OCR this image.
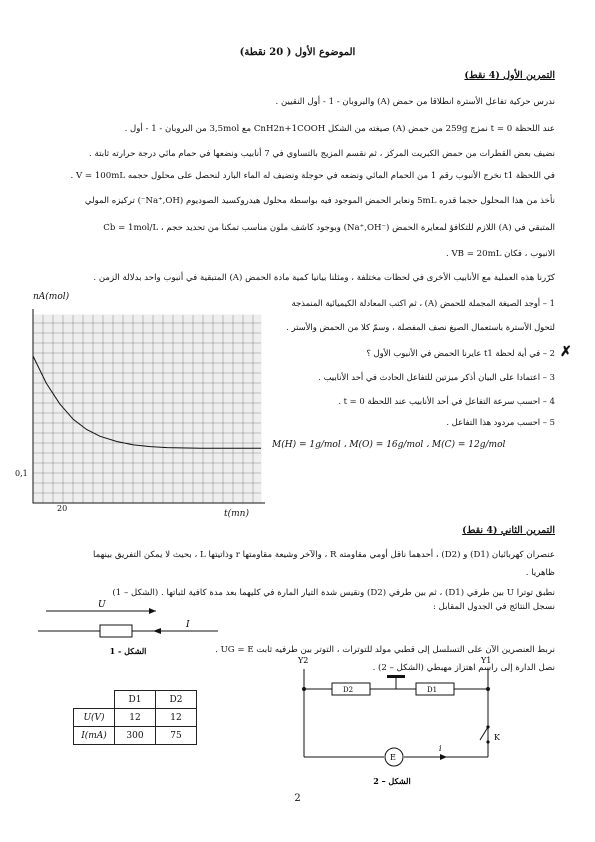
الموضوع الأول ( 20 نقطة)
التمرين الأول (4 نقط)
ندرس حركية تفاعل الأسترة انطلاقا من حمض (A) والبروبان - 1 - أول النقيين .
عند اللحظة t = 0 نمزج 259g من حمض (A) صيغته من الشكل CnH2n+1COOH مع 3,5mol من البروبان - 1 - أول .
نضيف بعض القطرات من حمض الكبريت المركز ، ثم نقسم المزيج بالتساوي في 7 أنابيب ونضعها في حمام مائي درجة حرارته ثابتة .
في اللحظة t1 نخرج الأنبوب رقم 1 من الحمام المائي ونضعه في حوجلة ونضيف له الماء البارد لنحصل على محلول حجمه V = 100mL .
نأخذ من هذا المحلول حجما قدره 5mL ونعاير الحمض الموجود فيه بواسطة محلول هيدروكسيد الصوديوم (Na⁺,OH⁻) تركيزه المولي
Cb = 1mol/L ، وبوجود كاشف ملون مناسب تمكنا من تحديد حجم (Na⁺,OH⁻) اللازم للتكافؤ لمعايرة الحمض (A) المتبقي في
الانبوب ، فكان VB = 20mL .
كرّرنا هذه العملية مع الأنابيب الأخرى في لحظات مختلفة ، ومثلنا بيانيا كمية مادة الحمض (A) المتبقية في أنبوب واحد بدلالة الزمن .
nA(mol)
0,1
20
t(mn)
1 – أوجد الصيغة المجملة للحمض (A) ، ثم اكتب المعادلة الكيميائية المنمذجة
لتحول الأسترة باستعمال الصيغ نصف المفصلة ، وسمّ كلا من الحمض والأستر .
2 – في أية لحظة t1 عايرنا الحمض في الأنبوب الأول ؟ ✗
3 – اعتمادا على البيان أذكر ميزتين للتفاعل الحادث في أحد الأنابيب .
4 – احسب سرعة التفاعل في أحد الأنابيب عند اللحظة t = 0 .
5 – احسب مردود هذا التفاعل .
M(H) = 1g/mol ، M(O) = 16g/mol ، M(C) = 12g/mol
التمرين الثاني (4 نقط)
عنصران كهربائيان (D1) و (D2) ، أحدهما ناقل أومي مقاومته R ، والآخر وشيعة مقاومتها r وذاتيتها L ، بحيث لا يمكن التفريق بينهما
ظاهريا .
نطبق توترا U بين طرفي (D1) ، ثم بين طرفي (D2) ونقيس شدة التيار المارة في كليهما بعد مدة كافية لثباتها . (الشكل – 1)
نسجل النتائج في الجدول المقابل :
U
I
الشكل - 1	نربط العنصرين الآن على التسلسل إلى قطبي مولد للتوترات ، التوتر بين طرفيه ثابت UG = E .
نصل الدارة إلى راسم اهتزاز مهبطي (الشكل – 2) .
	D1	D2
U(V)	12	12
I(mA)	300	75
Y2	Y1
D2	D1
E
i
K
الشكل – 2
2
